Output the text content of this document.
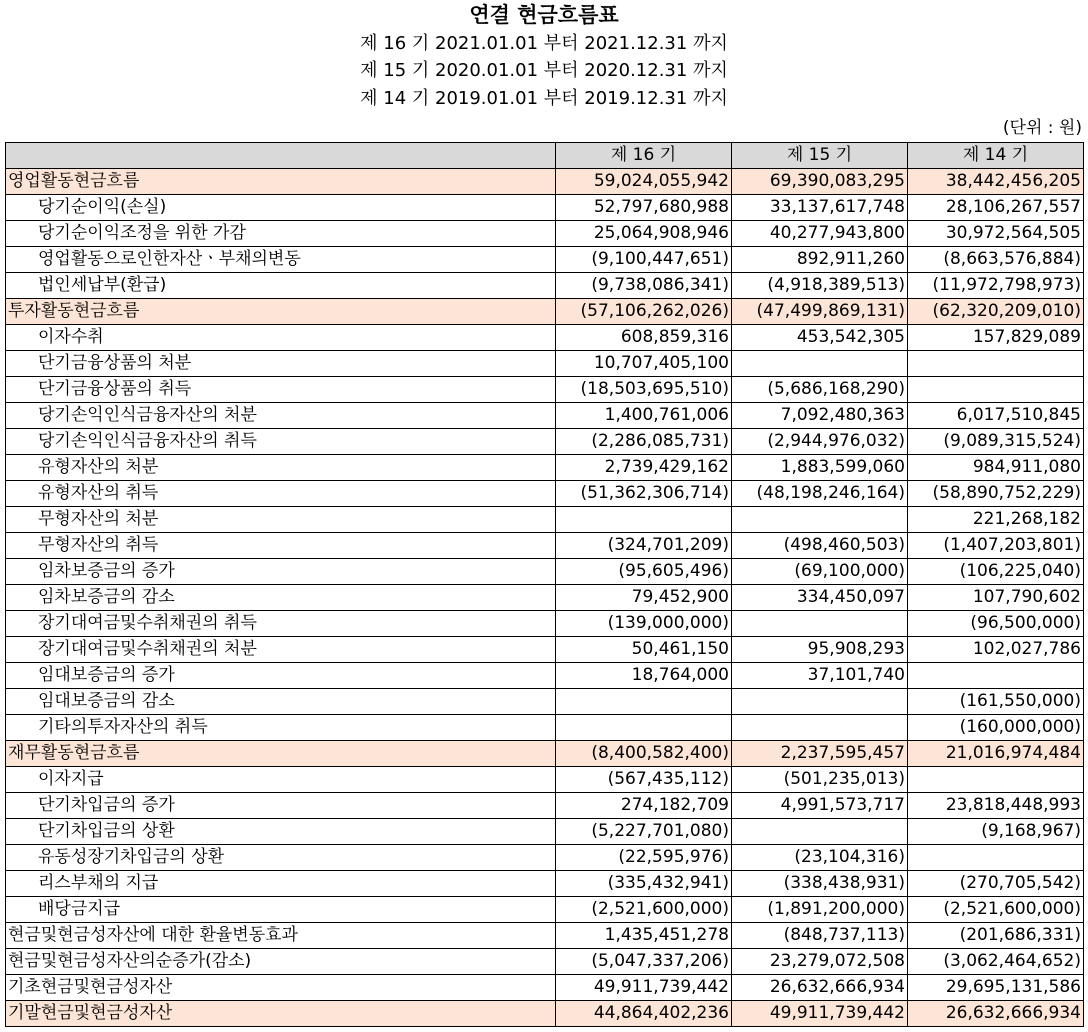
연결 현금흐름표
제 16 기 2021.01.01 부터 2021.12.31 까지
제 15 기 2020.01.01 부터 2020.12.31 까지
제 14 기 2019.01.01 부터 2019.12.31 까지
(단위 : 원)
	제 16 기	제 15 기	제 14 기
영업활동현금흐름	59,024,055,942	69,390,083,295	38,442,456,205
당기순이익(손실)	52,797,680,988	33,137,617,748	28,106,267,557
당기순이익조정을 위한 가감	25,064,908,946	40,277,943,800	30,972,564,505
영업활동으로인한자산ㆍ부채의변동	(9,100,447,651)	892,911,260	(8,663,576,884)
법인세납부(환급)	(9,738,086,341)	(4,918,389,513)	(11,972,798,973)
투자활동현금흐름	(57,106,262,026)	(47,499,869,131)	(62,320,209,010)
이자수취	608,859,316	453,542,305	157,829,089
단기금융상품의 처분	10,707,405,100		
단기금융상품의 취득	(18,503,695,510)	(5,686,168,290)	
당기손익인식금융자산의 처분	1,400,761,006	7,092,480,363	6,017,510,845
당기손익인식금융자산의 취득	(2,286,085,731)	(2,944,976,032)	(9,089,315,524)
유형자산의 처분	2,739,429,162	1,883,599,060	984,911,080
유형자산의 취득	(51,362,306,714)	(48,198,246,164)	(58,890,752,229)
무형자산의 처분			221,268,182
무형자산의 취득	(324,701,209)	(498,460,503)	(1,407,203,801)
임차보증금의 증가	(95,605,496)	(69,100,000)	(106,225,040)
임차보증금의 감소	79,452,900	334,450,097	107,790,602
장기대여금및수취채권의 취득	(139,000,000)		(96,500,000)
장기대여금및수취채권의 처분	50,461,150	95,908,293	102,027,786
임대보증금의 증가	18,764,000	37,101,740	
임대보증금의 감소			(161,550,000)
기타의투자자산의 취득			(160,000,000)
재무활동현금흐름	(8,400,582,400)	2,237,595,457	21,016,974,484
이자지급	(567,435,112)	(501,235,013)	
단기차입금의 증가	274,182,709	4,991,573,717	23,818,448,993
단기차입금의 상환	(5,227,701,080)		(9,168,967)
유동성장기차입금의 상환	(22,595,976)	(23,104,316)	
리스부채의 지급	(335,432,941)	(338,438,931)	(270,705,542)
배당금지급	(2,521,600,000)	(1,891,200,000)	(2,521,600,000)
현금및현금성자산에 대한 환율변동효과	1,435,451,278	(848,737,113)	(201,686,331)
현금및현금성자산의순증가(감소)	(5,047,337,206)	23,279,072,508	(3,062,464,652)
기초현금및현금성자산	49,911,739,442	26,632,666,934	29,695,131,586
기말현금및현금성자산	44,864,402,236	49,911,739,442	26,632,666,934
